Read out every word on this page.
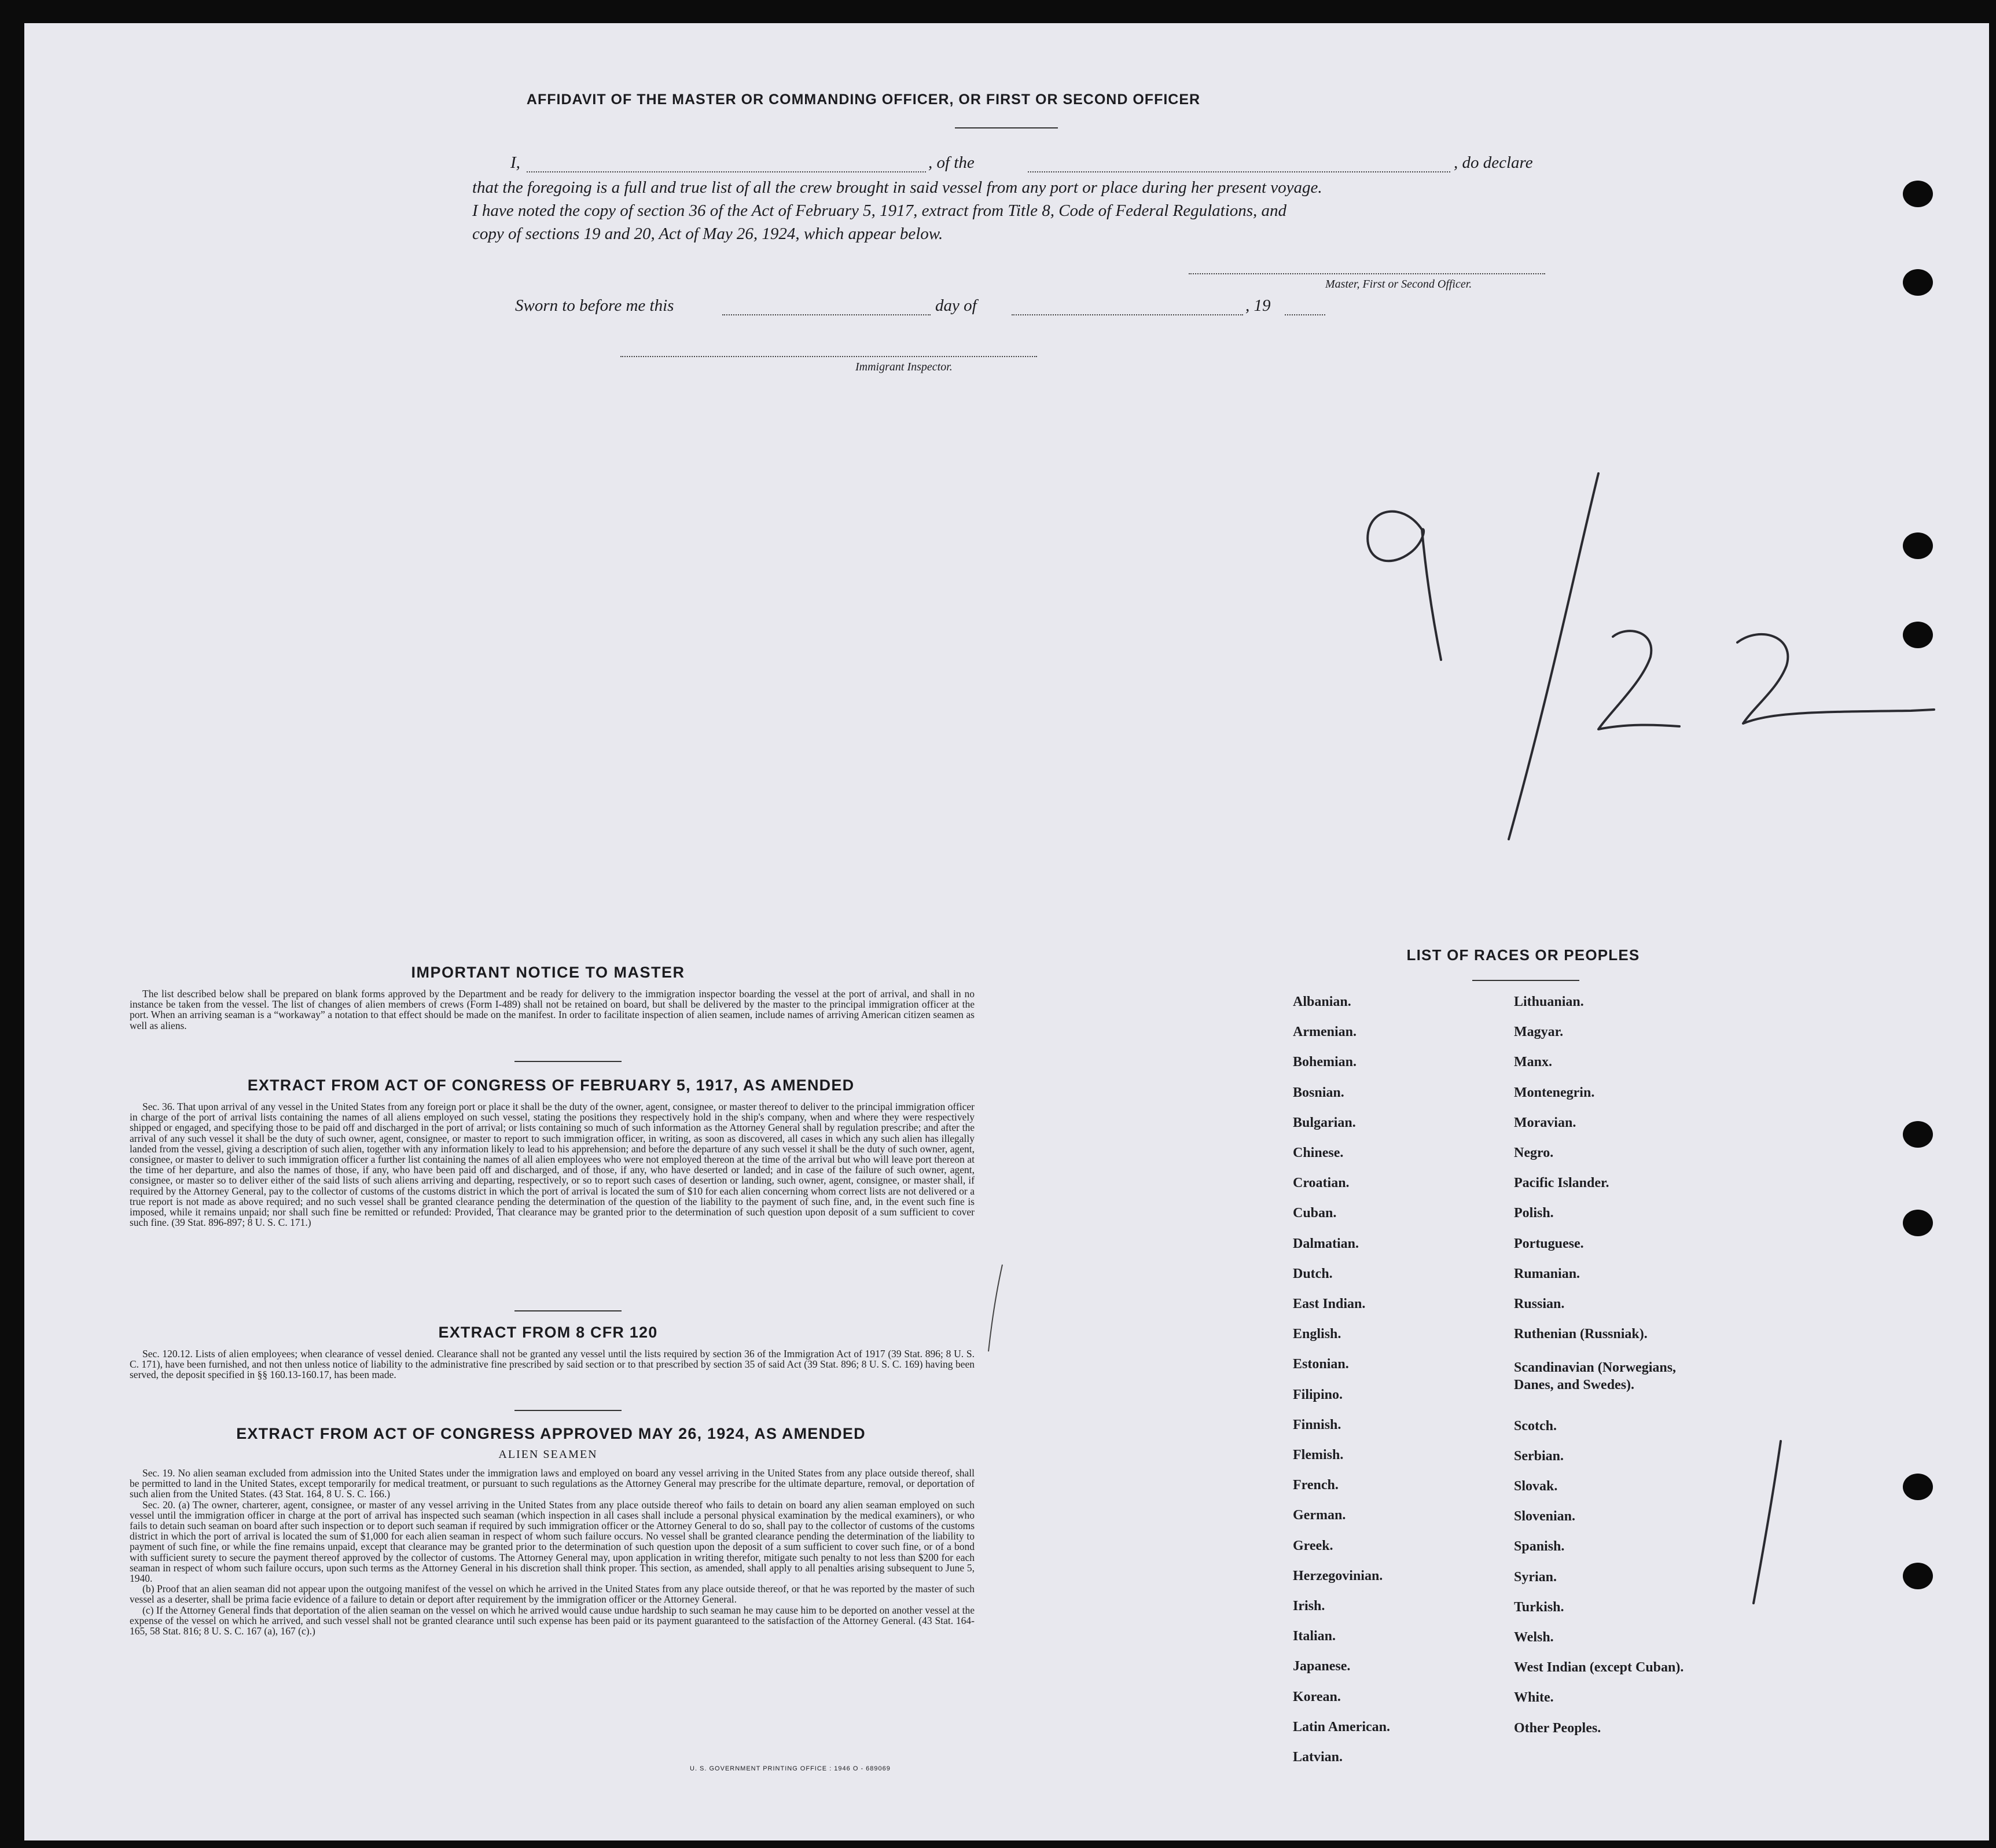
AFFIDAVIT OF THE MASTER OR COMMANDING OFFICER, OR FIRST OR SECOND OFFICER
I,	, of the	, do declare
that the foregoing is a full and true list of all the crew brought in said vessel from any port or place during her present voyage.
I have noted the copy of section 36 of the Act of February 5, 1917, extract from Title 8, Code of Federal Regulations, and
copy of sections 19 and 20, Act of May 26, 1924, which appear below.
Master, First or Second Officer.
Sworn to before me this	day of	, 19
Immigrant Inspector.
IMPORTANT NOTICE TO MASTER

The list described below shall be prepared on blank forms approved by the Department and be ready for delivery to the immigration inspector boarding the vessel at the port of arrival, and shall in no instance be taken from the vessel. The list of changes of alien members of crews (Form I-489) shall not be retained on board, but shall be delivered by the master to the principal immigration officer at the port. When an arriving seaman is a “workaway” a notation to that effect should be made on the manifest. In order to facilitate inspection of alien seamen, include names of arriving American citizen seamen as well as aliens.

EXTRACT FROM ACT OF CONGRESS OF FEBRUARY 5, 1917, AS AMENDED

Sec. 36. That upon arrival of any vessel in the United States from any foreign port or place it shall be the duty of the owner, agent, consignee, or master thereof to deliver to the principal immigration officer in charge of the port of arrival lists containing the names of all aliens employed on such vessel, stating the positions they respectively hold in the ship's company, when and where they were respectively shipped or engaged, and specifying those to be paid off and discharged in the port of arrival; or lists containing so much of such information as the Attorney General shall by regulation prescribe; and after the arrival of any such vessel it shall be the duty of such owner, agent, consignee, or master to report to such immigration officer, in writing, as soon as discovered, all cases in which any such alien has illegally landed from the vessel, giving a description of such alien, together with any information likely to lead to his apprehension; and before the departure of any such vessel it shall be the duty of such owner, agent, consignee, or master to deliver to such immigration officer a further list containing the names of all alien employees who were not employed thereon at the time of the arrival but who will leave port thereon at the time of her departure, and also the names of those, if any, who have been paid off and discharged, and of those, if any, who have deserted or landed; and in case of the failure of such owner, agent, consignee, or master so to deliver either of the said lists of such aliens arriving and departing, respectively, or so to report such cases of desertion or landing, such owner, agent, consignee, or master shall, if required by the Attorney General, pay to the collector of customs of the customs district in which the port of arrival is located the sum of $10 for each alien concerning whom correct lists are not delivered or a true report is not made as above required; and no such vessel shall be granted clearance pending the determination of the question of the liability to the payment of such fine, and, in the event such fine is imposed, while it remains unpaid; nor shall such fine be remitted or refunded: Provided, That clearance may be granted prior to the determination of such question upon deposit of a sum sufficient to cover such fine. (39 Stat. 896-897; 8 U. S. C. 171.)

EXTRACT FROM 8 CFR 120

Sec. 120.12. Lists of alien employees; when clearance of vessel denied. Clearance shall not be granted any vessel until the lists required by section 36 of the Immigration Act of 1917 (39 Stat. 896; 8 U. S. C. 171), have been furnished, and not then unless notice of liability to the administrative fine prescribed by said section or to that prescribed by section 35 of said Act (39 Stat. 896; 8 U. S. C. 169) having been served, the deposit specified in §§ 160.13-160.17, has been made.

EXTRACT FROM ACT OF CONGRESS APPROVED MAY 26, 1924, AS AMENDED
ALIEN SEAMEN

Sec. 19. No alien seaman excluded from admission into the United States under the immigration laws and employed on board any vessel arriving in the United States from any place outside thereof, shall be permitted to land in the United States, except temporarily for medical treatment, or pursuant to such regulations as the Attorney General may prescribe for the ultimate departure, removal, or deportation of such alien from the United States. (43 Stat. 164, 8 U. S. C. 166.)

Sec. 20. (a) The owner, charterer, agent, consignee, or master of any vessel arriving in the United States from any place outside thereof who fails to detain on board any alien seaman employed on such vessel until the immigration officer in charge at the port of arrival has inspected such seaman (which inspection in all cases shall include a personal physical examination by the medical examiners), or who fails to detain such seaman on board after such inspection or to deport such seaman if required by such immigration officer or the Attorney General to do so, shall pay to the collector of customs of the customs district in which the port of arrival is located the sum of $1,000 for each alien seaman in respect of whom such failure occurs. No vessel shall be granted clearance pending the determination of the liability to payment of such fine, or while the fine remains unpaid, except that clearance may be granted prior to the determination of such question upon the deposit of a sum sufficient to cover such fine, or of a bond with sufficient surety to secure the payment thereof approved by the collector of customs. The Attorney General may, upon application in writing therefor, mitigate such penalty to not less than $200 for each seaman in respect of whom such failure occurs, upon such terms as the Attorney General in his discretion shall think proper. This section, as amended, shall apply to all penalties arising subsequent to June 5, 1940.

(b) Proof that an alien seaman did not appear upon the outgoing manifest of the vessel on which he arrived in the United States from any place outside thereof, or that he was reported by the master of such vessel as a deserter, shall be prima facie evidence of a failure to detain or deport after requirement by the immigration officer or the Attorney General.

(c) If the Attorney General finds that deportation of the alien seaman on the vessel on which he arrived would cause undue hardship to such seaman he may cause him to be deported on another vessel at the expense of the vessel on which he arrived, and such vessel shall not be granted clearance until such expense has been paid or its payment guaranteed to the satisfaction of the Attorney General. (43 Stat. 164-165, 58 Stat. 816; 8 U. S. C. 167 (a), 167 (c).)

U. S. GOVERNMENT PRINTING OFFICE : 1946 O - 689069
LIST OF RACES OR PEOPLES
Albanian.
Armenian.
Bohemian.
Bosnian.
Bulgarian.
Chinese.
Croatian.
Cuban.
Dalmatian.
Dutch.
East Indian.
English.
Estonian.
Filipino.
Finnish.
Flemish.
French.
German.
Greek.
Herzegovinian.
Irish.
Italian.
Japanese.
Korean.
Latin American.
Latvian.
Lithuanian.
Magyar.
Manx.
Montenegrin.
Moravian.
Negro.
Pacific Islander.
Polish.
Portuguese.
Rumanian.
Russian.
Ruthenian (Russniak).
Scandinavian (Norwegians,
Danes, and Swedes).
Scotch.
Serbian.
Slovak.
Slovenian.
Spanish.
Syrian.
Turkish.
Welsh.
West Indian (except Cuban).
White.
Other Peoples.
